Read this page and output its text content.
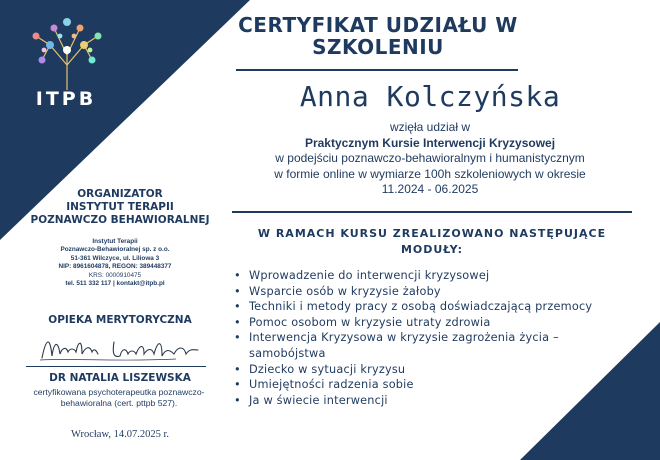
ITPB
CERTYFIKAT UDZIAŁU W SZKOLENIU
Anna Kolczyńska
wzięła udział w
Praktycznym Kursie Interwencji Kryzysowej
w podejściu poznawczo-behawioralnym i humanistycznym
w formie online w wymiarze 100h szkoleniowych w okresie
11.2024 - 06.2025
W RAMACH KURSU ZREALIZOWANO NASTĘPUJĄCE MODUŁY:
• Wprowadzenie do interwencji kryzysowej
• Wsparcie osób w kryzysie żałoby
• Techniki i metody pracy z osobą doświadczającą przemocy
• Pomoc osobom w kryzysie utraty zdrowia
• Interwencja Kryzysowa w kryzysie zagrożenia życia – samobójstwa
• Dziecko w sytuacji kryzysu
• Umiejętności radzenia sobie
• Ja w świecie interwencji
ORGANIZATOR
INSTYTUT TERAPII
POZNAWCZO BEHAWIORALNEJ
Instytut Terapii
Poznawczo-Behawioralnej sp. z o.o.
51-361 Wilczyce, ul. Liliowa 3
NIP: 8961604878, REGON: 389448377
KRS: 0000910475
tel. 511 332 117 | kontakt@itpb.pl
OPIEKA MERYTORYCZNA
DR NATALIA LISZEWSKA
certyfikowana psychoterapeutka poznawczo-behawioralna (cert. pttpb 527).
Wrocław, 14.07.2025 r.
